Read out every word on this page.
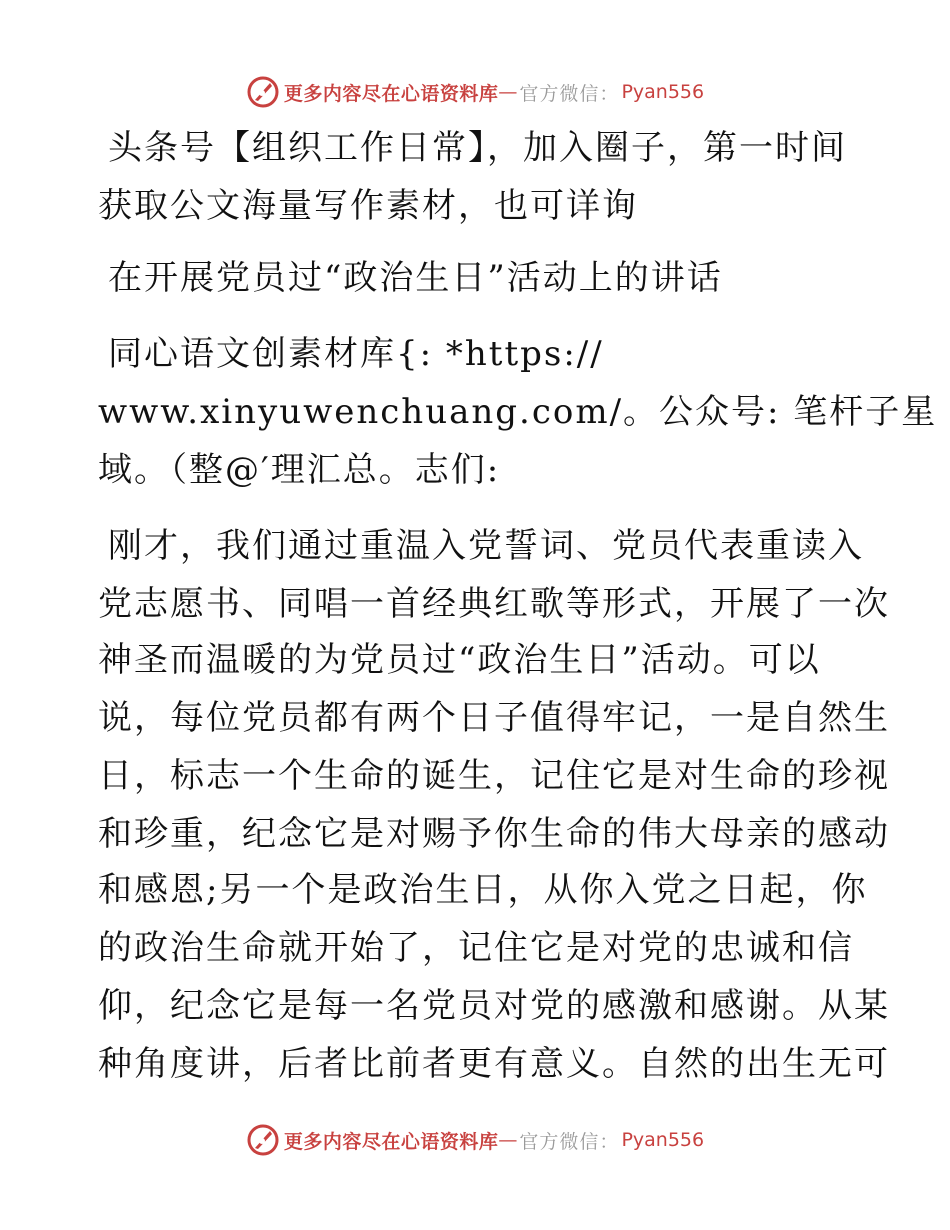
更多内容尽在心语资料库 — 官方微信： Pyan556
头条号【组织工作日常】，加入圈子，第一时间
获取公文海量写作素材，也可详询
在开展党员过“政治生日”活动上的讲话
同心语文创素材库{: *https://
www.xinyuwenchuang.com/。公众号: 笔杆子星
域。（整@′理汇总。志们:
刚才，我们通过重温入党誓词、党员代表重读入
党志愿书、同唱一首经典红歌等形式，开展了一次
神圣而温暖的为党员过“政治生日”活动。可以
说，每位党员都有两个日子值得牢记，一是自然生
日，标志一个生命的诞生，记住它是对生命的珍视
和珍重，纪念它是对赐予你生命的伟大母亲的感动
和感恩;另一个是政治生日，从你入党之日起，你
的政治生命就开始了，记住它是对党的忠诚和信
仰，纪念它是每一名党员对党的感激和感谢。从某
种角度讲，后者比前者更有意义。自然的出生无可
更多内容尽在心语资料库 — 官方微信： Pyan556
